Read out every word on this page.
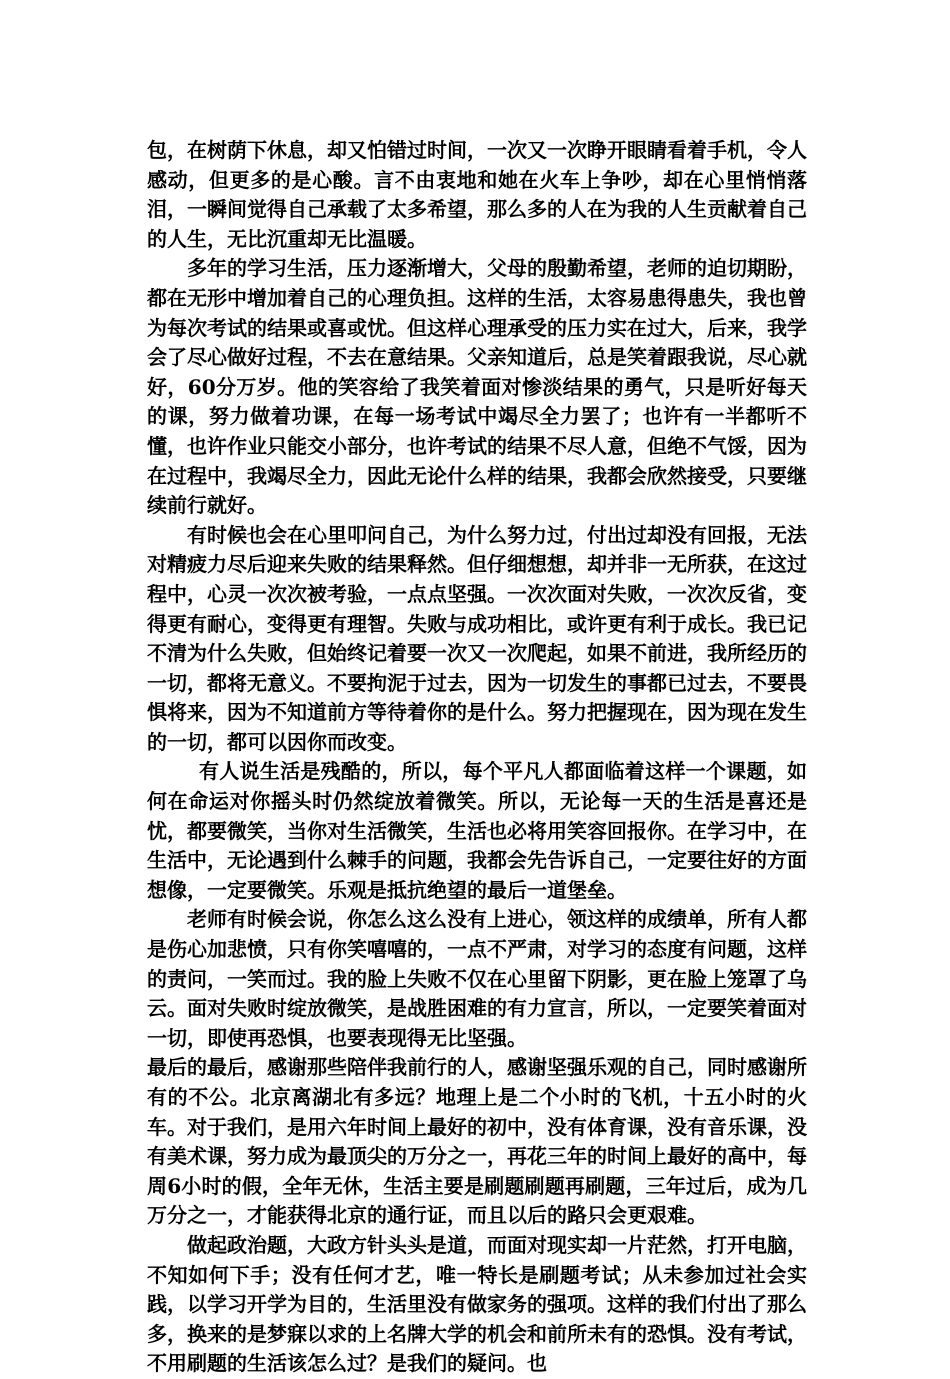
包，在树荫下休息，却又怕错过时间，一次又一次睁开眼睛看着手机，令人感动，但更多的是心酸。言不由衷地和她在火车上争吵，却在心里悄悄落泪，一瞬间觉得自己承载了太多希望，那么多的人在为我的人生贡献着自己的人生，无比沉重却无比温暖。

多年的学习生活，压力逐渐增大，父母的殷勤希望，老师的迫切期盼，都在无形中增加着自己的心理负担。这样的生活，太容易患得患失，我也曾为每次考试的结果或喜或忧。但这样心理承受的压力实在过大，后来，我学会了尽心做好过程，不去在意结果。父亲知道后，总是笑着跟我说，尽心就好，60分万岁。他的笑容给了我笑着面对惨淡结果的勇气，只是听好每天的课，努力做着功课，在每一场考试中竭尽全力罢了；也许有一半都听不懂，也许作业只能交小部分，也许考试的结果不尽人意，但绝不气馁，因为在过程中，我竭尽全力，因此无论什么样的结果，我都会欣然接受，只要继续前行就好。

有时候也会在心里叩问自己，为什么努力过，付出过却没有回报，无法对精疲力尽后迎来失败的结果释然。但仔细想想，却并非一无所获，在这过程中，心灵一次次被考验，一点点坚强。一次次面对失败，一次次反省，变得更有耐心，变得更有理智。失败与成功相比，或许更有利于成长。我已记不清为什么失败，但始终记着要一次又一次爬起，如果不前进，我所经历的一切，都将无意义。不要拘泥于过去，因为一切发生的事都已过去，不要畏惧将来，因为不知道前方等待着你的是什么。努力把握现在，因为现在发生的一切，都可以因你而改变。

有人说生活是残酷的，所以，每个平凡人都面临着这样一个课题，如何在命运对你摇头时仍然绽放着微笑。所以，无论每一天的生活是喜还是忧，都要微笑，当你对生活微笑，生活也必将用笑容回报你。在学习中，在生活中，无论遇到什么棘手的问题，我都会先告诉自己，一定要往好的方面想像，一定要微笑。乐观是抵抗绝望的最后一道堡垒。

老师有时候会说，你怎么这么没有上进心，领这样的成绩单，所有人都是伤心加悲愤，只有你笑嘻嘻的，一点不严肃，对学习的态度有问题，这样的责问，一笑而过。我的脸上失败不仅在心里留下阴影，更在脸上笼罩了乌云。面对失败时绽放微笑，是战胜困难的有力宣言，所以，一定要笑着面对一切，即使再恐惧，也要表现得无比坚强。

最后的最后，感谢那些陪伴我前行的人，感谢坚强乐观的自己，同时感谢所有的不公。北京离湖北有多远？地理上是二个小时的飞机，十五小时的火车。对于我们，是用六年时间上最好的初中，没有体育课，没有音乐课，没有美术课，努力成为最顶尖的万分之一，再花三年的时间上最好的高中，每周6小时的假，全年无休，生活主要是刷题刷题再刷题，三年过后，成为几万分之一，才能获得北京的通行证，而且以后的路只会更艰难。

做起政治题，大政方针头头是道，而面对现实却一片茫然，打开电脑，不知如何下手；没有任何才艺，唯一特长是刷题考试；从未参加过社会实践，以学习开学为目的，生活里没有做家务的强项。这样的我们付出了那么多，换来的是梦寐以求的上名牌大学的机会和前所未有的恐惧。没有考试，不用刷题的生活该怎么过？是我们的疑问。也
